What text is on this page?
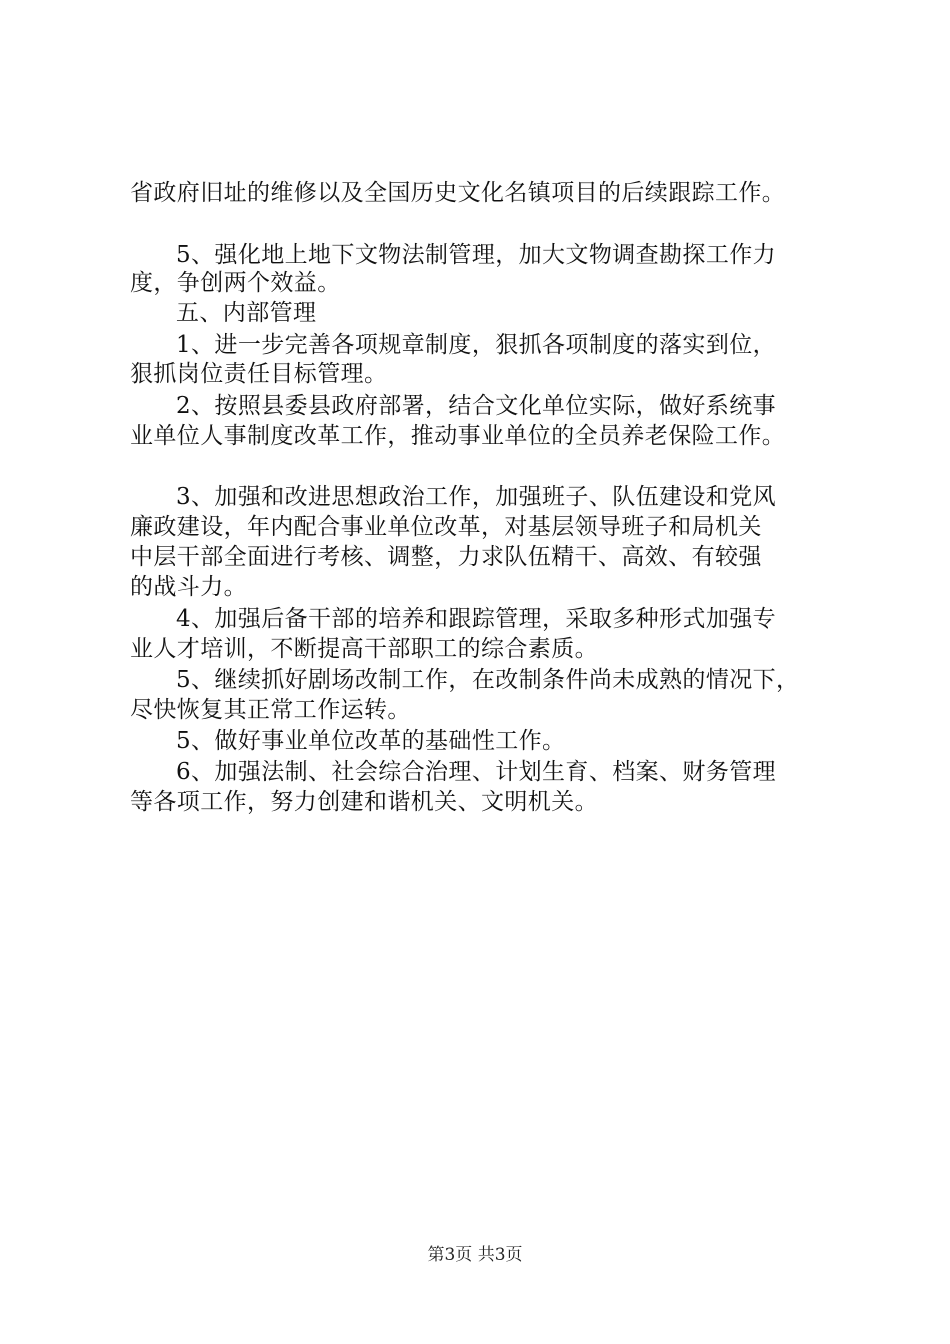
省政府旧址的维修以及全国历史文化名镇项目的后续跟踪工作。
5、强化地上地下文物法制管理，加大文物调查勘探工作力
度，争创两个效益。
五、内部管理
1、进一步完善各项规章制度，狠抓各项制度的落实到位，
狠抓岗位责任目标管理。
2、按照县委县政府部署，结合文化单位实际，做好系统事
业单位人事制度改革工作，推动事业单位的全员养老保险工作。
3、加强和改进思想政治工作，加强班子、队伍建设和党风
廉政建设，年内配合事业单位改革，对基层领导班子和局机关
中层干部全面进行考核、调整，力求队伍精干、高效、有较强
的战斗力。
4、加强后备干部的培养和跟踪管理，采取多种形式加强专
业人才培训，不断提高干部职工的综合素质。
5、继续抓好剧场改制工作，在改制条件尚未成熟的情况下，
尽快恢复其正常工作运转。
5、做好事业单位改革的基础性工作。
6、加强法制、社会综合治理、计划生育、档案、财务管理
等各项工作，努力创建和谐机关、文明机关。
第3页 共3页
